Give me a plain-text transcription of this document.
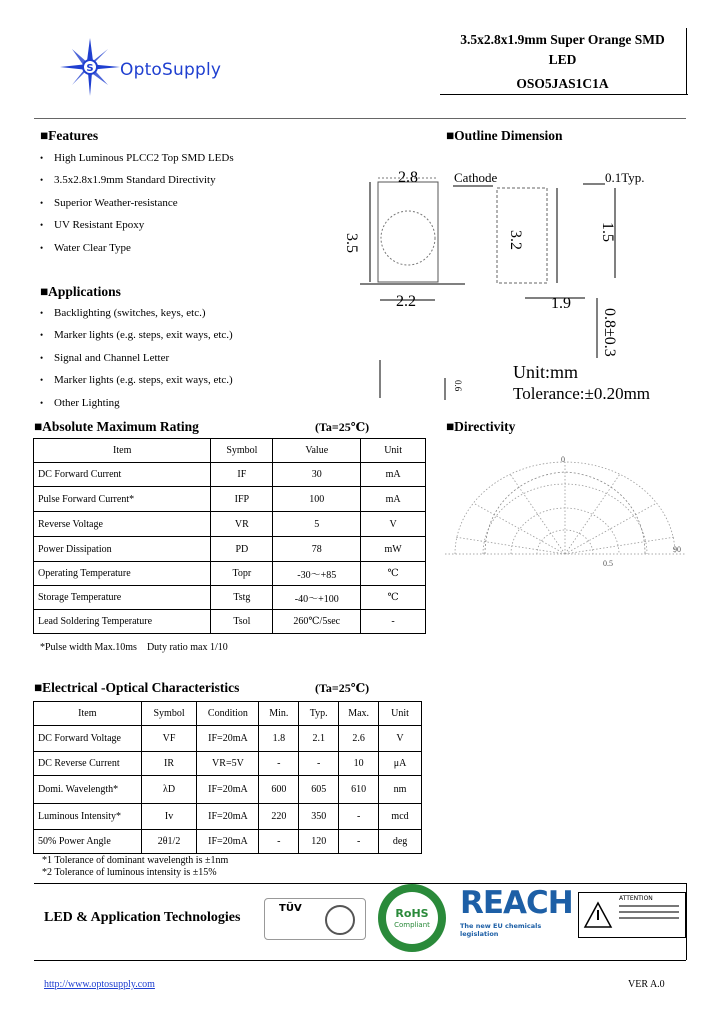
S OptoSupply
3.5x2.8x1.9mm Super Orange SMD
LED
OSO5JAS1C1A
■Features
• High Luminous PLCC2 Top SMD LEDs
• 3.5x2.8x1.9mm Standard Directivity
• Superior Weather-resistance
• UV Resistant Epoxy
• Water Clear Type
■Applications
• Backlighting (switches, keys, etc.)
• Marker lights (e.g. steps, exit ways, etc.)
• Signal and Channel Letter
• Marker lights (e.g. steps, exit ways, etc.)
• Other Lighting
■Outline Dimension
2.8
3.5
2.2
Cathode
3.2
0.1Typ.
1.5
1.9
0.8±0.3
0.6
Unit:mm
Tolerance:±0.20mm
■Absolute Maximum Rating	(Ta=25℃)
Item	Symbol	Value	Unit
DC Forward Current	IF	30	mA
Pulse Forward Current*	IFP	100	mA
Reverse Voltage	VR	5	V
Power Dissipation	PD	78	mW
Operating Temperature	Topr	-30～+85	℃
Storage Temperature	Tstg	-40～+100	℃
Lead Soldering Temperature	Tsol	260℃/5sec	-
*Pulse width Max.10ms　Duty ratio max 1/10
■Directivity
0
90
0.5
■Electrical -Optical Characteristics	(Ta=25℃)
Item	Symbol	Condition	Min.	Typ.	Max.	Unit
DC Forward Voltage	VF	IF=20mA	1.8	2.1	2.6	V
DC Reverse Current	IR	VR=5V	-	-	10	μA
Domi. Wavelength*	λD	IF=20mA	600	605	610	nm
Luminous Intensity*	Iv	IF=20mA	220	350	-	mcd
50% Power Angle	2θ1/2	IF=20mA	-	120	-	deg
*1 Tolerance of dominant wavelength is ±1nm
*2 Tolerance of luminous intensity is ±15%
LED & Application Technologies
TÜV	RoHS
Compliant
REACH
The new EU chemicals legislation
ATTENTION
http://www.optosupply.com	VER A.0
